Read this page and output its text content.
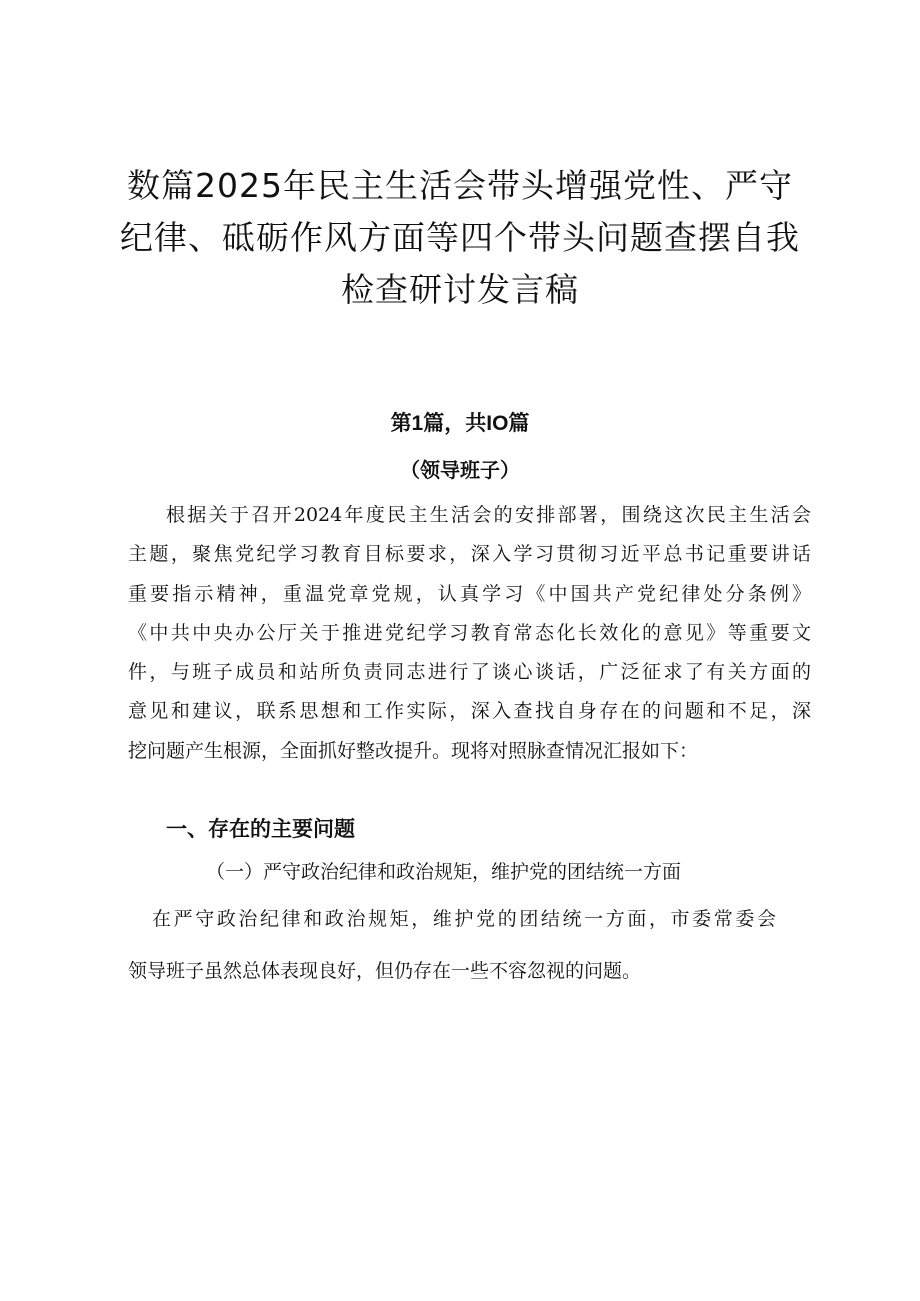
数篇2025年民主生活会带头增强党性、严守
纪律、砥砺作风方面等四个带头问题查摆自我
检查研讨发言稿
第1篇，共IO篇
（领导班子）
根据关于召开2024年度民主生活会的安排部署，围绕这次民主生活会
主题，聚焦党纪学习教育目标要求，深入学习贯彻习近平总书记重要讲话
重要指示精神，重温党章党规，认真学习《中国共产党纪律处分条例》
《中共中央办公厅关于推进党纪学习教育常态化长效化的意见》等重要文
件，与班子成员和站所负责同志进行了谈心谈话，广泛征求了有关方面的
意见和建议，联系思想和工作实际，深入查找自身存在的问题和不足，深
挖问题产生根源，全面抓好整改提升。现将对照脉查情况汇报如下：
一、存在的主要问题
（一）严守政治纪律和政治规矩，维护党的团结统一方面
在严守政治纪律和政治规矩，维护党的团结统一方面，市委常委会
领导班子虽然总体表现良好，但仍存在一些不容忽视的问题。
